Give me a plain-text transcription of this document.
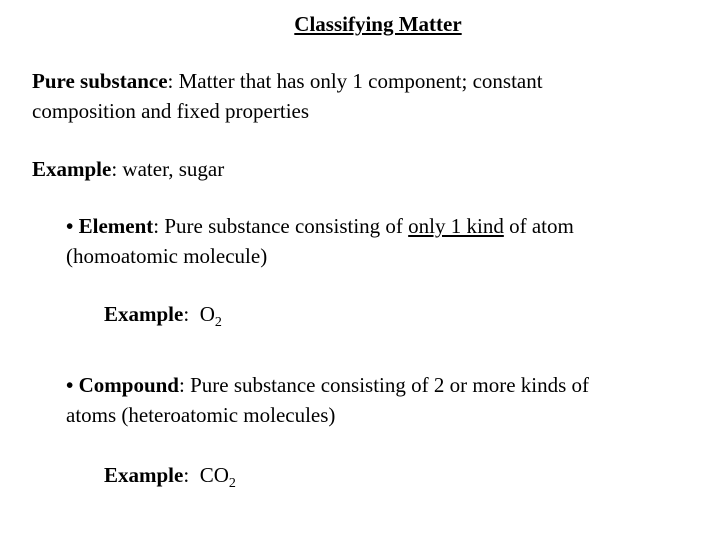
Classifying Matter
Pure substance: Matter that has only 1 component; constant
composition and fixed properties
Example: water, sugar
• Element: Pure substance consisting of only 1 kind of atom
(homoatomic molecule)
Example:  $O_2$
• Compound: Pure substance consisting of 2 or more kinds of
atoms (heteroatomic molecules)
Example:  $CO_2$
